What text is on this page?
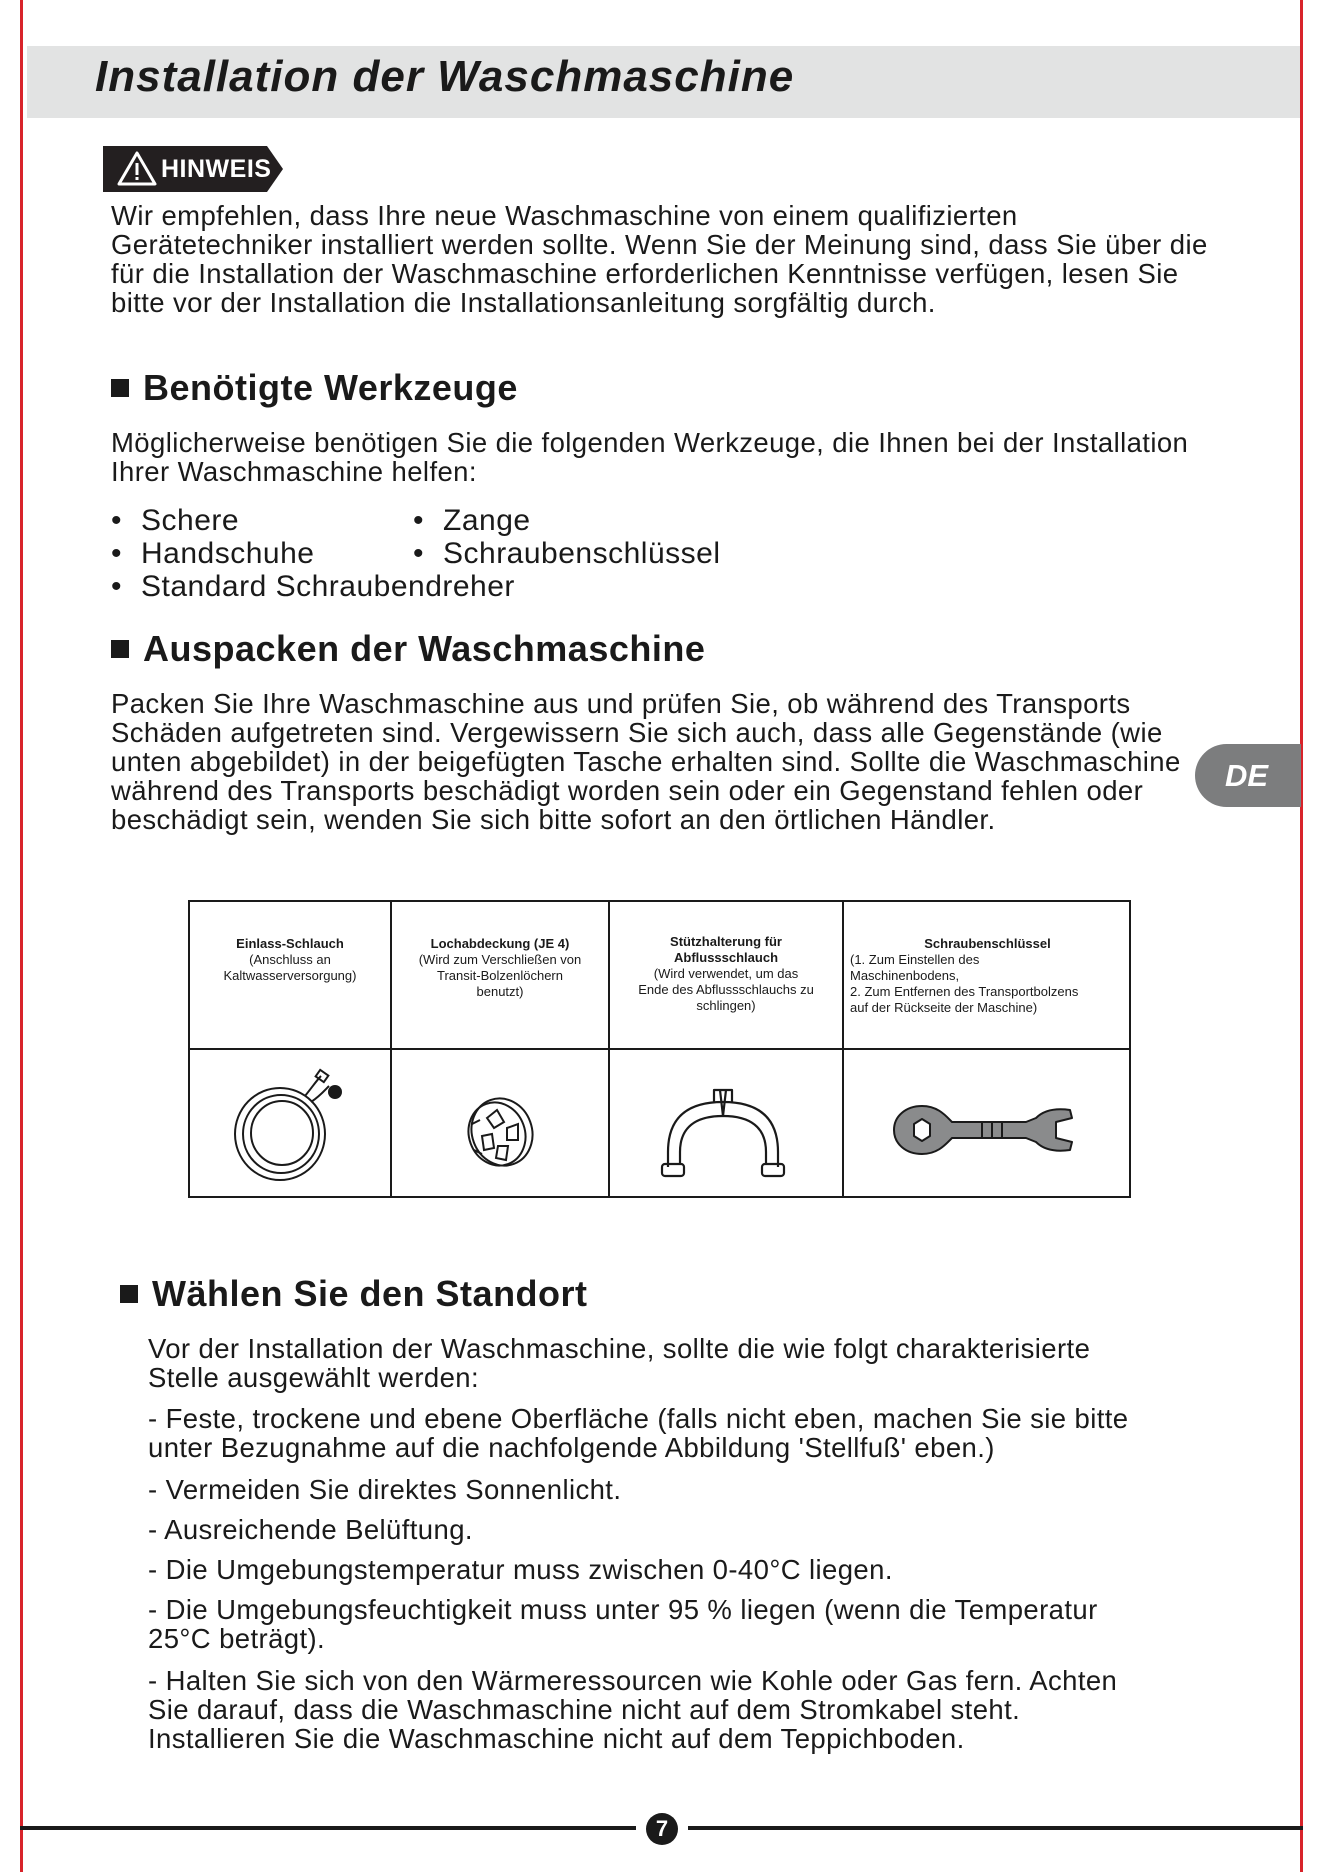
Installation der Waschmaschine
HINWEIS
Wir empfehlen, dass Ihre neue Waschmaschine von einem qualifizierten Gerätetechniker installiert werden sollte. Wenn Sie der Meinung sind, dass Sie über die für die Installation der Waschmaschine erforderlichen Kenntnisse verfügen, lesen Sie bitte vor der Installation die Installationsanleitung sorgfältig durch.
Benötigte Werkzeuge
Möglicherweise benötigen Sie die folgenden Werkzeuge, die Ihnen bei der Installation Ihrer Waschmaschine helfen:
• Schere	• Zange
• Handschuhe	• Schraubenschlüssel
• Standard Schraubendreher
Auspacken der Waschmaschine
Packen Sie Ihre Waschmaschine aus und prüfen Sie, ob während des Transports Schäden aufgetreten sind. Vergewissern Sie sich auch, dass alle Gegenstände (wie unten abgebildet) in der beigefügten Tasche erhalten sind. Sollte die Waschmaschine während des Transports beschädigt worden sein oder ein Gegenstand fehlen oder beschädigt sein, wenden Sie sich bitte sofort an den örtlichen Händler.
DE
Einlass-Schlauch
(Anschluss an
Kaltwasserversorgung)
Lochabdeckung (JE 4)
(Wird zum Verschließen von
Transit-Bolzenlöchern
benutzt)
Stützhalterung für
Abflussschlauch
(Wird verwendet, um das
Ende des Abflussschlauchs zu
schlingen)
Schraubenschlüssel
(1. Zum Einstellen des
Maschinenbodens,
2. Zum Entfernen des Transportbolzens
auf der Rückseite der Maschine)
Wählen Sie den Standort
Vor der Installation der Waschmaschine, sollte die wie folgt charakterisierte Stelle ausgewählt werden:
- Feste, trockene und ebene Oberfläche (falls nicht eben, machen Sie sie bitte unter Bezugnahme auf die nachfolgende Abbildung 'Stellfuß' eben.)
- Vermeiden Sie direktes Sonnenlicht.
- Ausreichende Belüftung.
- Die Umgebungstemperatur muss zwischen 0-40°C liegen.
- Die Umgebungsfeuchtigkeit muss unter 95 % liegen (wenn die Temperatur 25°C beträgt).
- Halten Sie sich von den Wärmeressourcen wie Kohle oder Gas fern. Achten Sie darauf, dass die Waschmaschine nicht auf dem Stromkabel steht. Installieren Sie die Waschmaschine nicht auf dem Teppichboden.
7
